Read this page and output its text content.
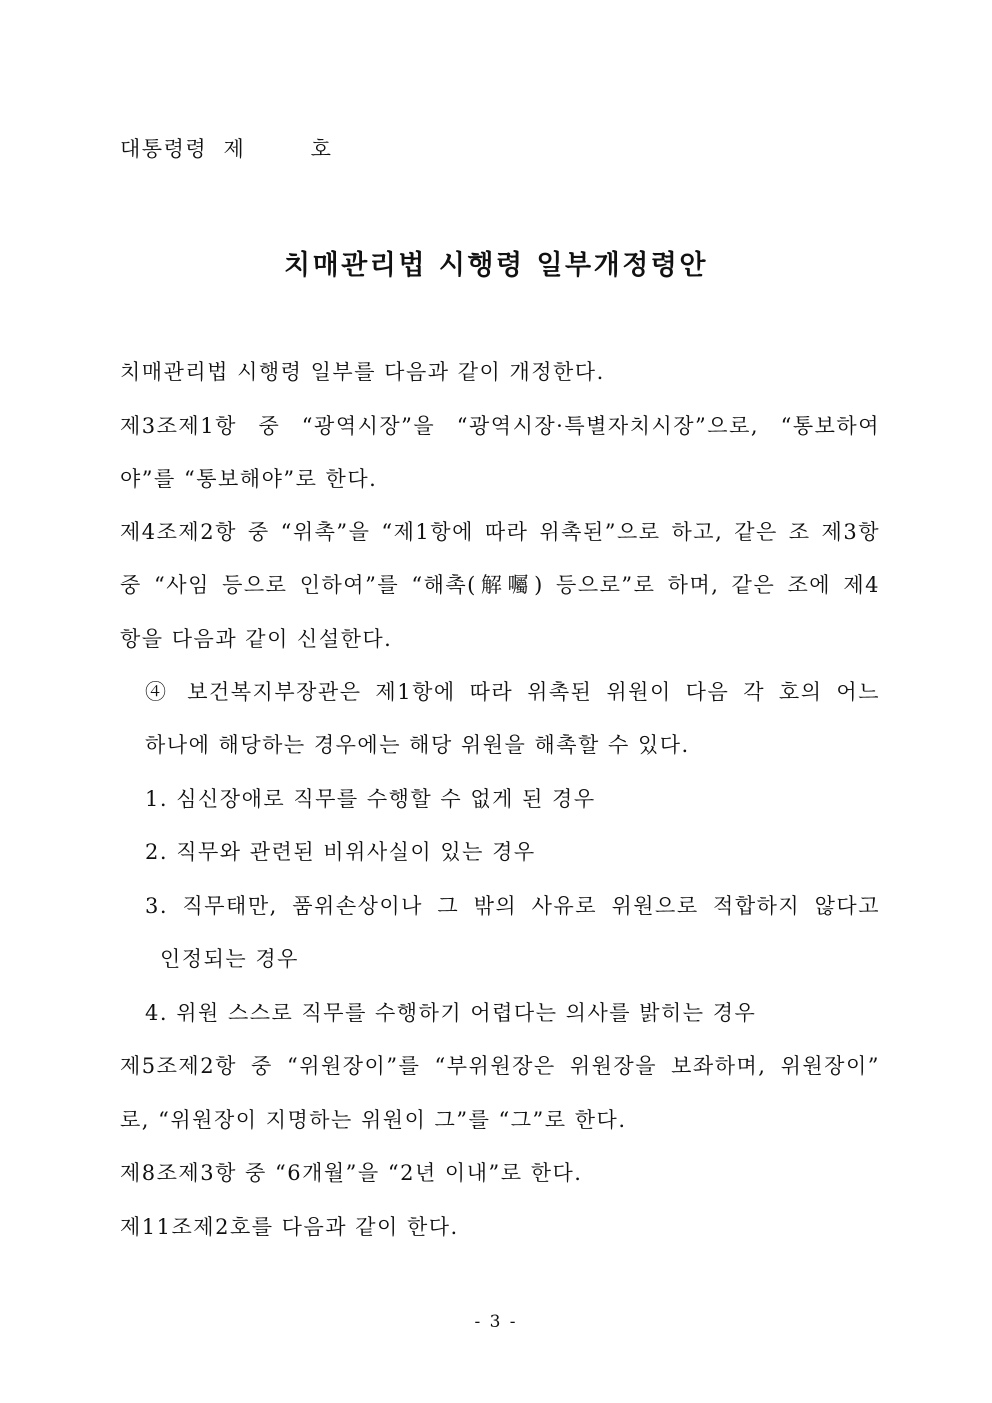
대통령령  제        호
치매관리법 시행령 일부개정령안
치매관리법 시행령 일부를 다음과 같이 개정한다.
제3조제1항 중 “광역시장”을 “광역시장·특별자치시장”으로, “통보하여
야”를 “통보해야”로 한다.
제4조제2항 중 “위촉”을 “제1항에 따라 위촉된”으로 하고, 같은 조 제3항
중 “사임 등으로 인하여”를 “해촉(解囑) 등으로”로 하며, 같은 조에 제4
항을 다음과 같이 신설한다.
④ 보건복지부장관은 제1항에 따라 위촉된 위원이 다음 각 호의 어느
하나에 해당하는 경우에는 해당 위원을 해촉할 수 있다.
1. 심신장애로 직무를 수행할 수 없게 된 경우
2. 직무와 관련된 비위사실이 있는 경우
3. 직무태만, 품위손상이나 그 밖의 사유로 위원으로 적합하지 않다고
인정되는 경우
4. 위원 스스로 직무를 수행하기 어렵다는 의사를 밝히는 경우
제5조제2항 중 “위원장이”를 “부위원장은 위원장을 보좌하며, 위원장이”
로, “위원장이 지명하는 위원이 그”를 “그”로 한다.
제8조제3항 중 “6개월”을 “2년 이내”로 한다.
제11조제2호를 다음과 같이 한다.
- 3 -
